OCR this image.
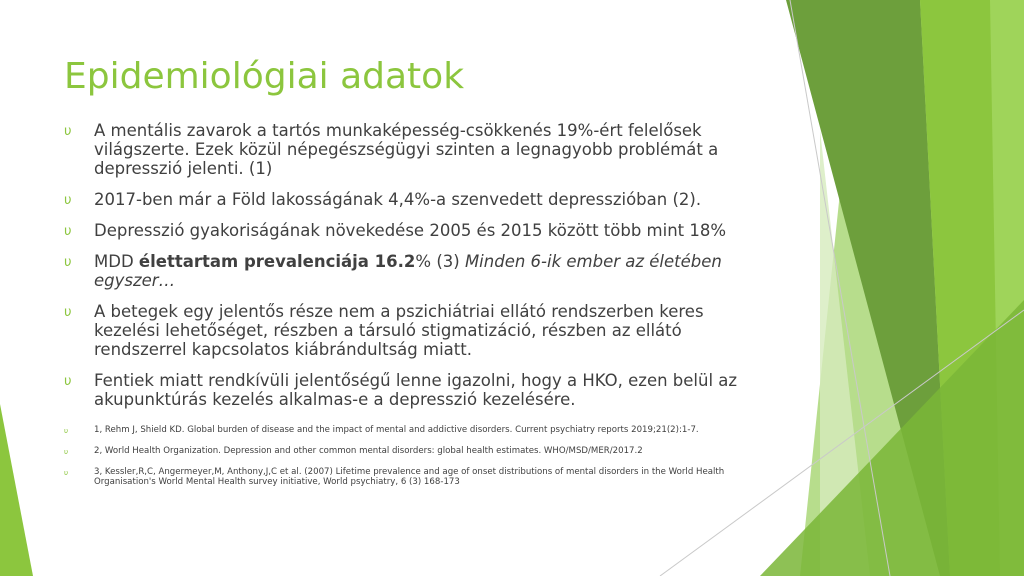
Epidemiológiai adatok
υ A mentális zavarok a tartós munkaképesség-csökkenés 19%-ért felelősek világszerte. Ezek közül népegészségügyi szinten a legnagyobb problémát a depresszió jelenti. (1)
υ 2017-ben már a Föld lakosságának 4,4%-a szenvedett depresszióban (2).
υ Depresszió gyakoriságának növekedése 2005 és 2015 között több mint 18%
υ MDD élettartam prevalenciája 16.2% (3) Minden 6-ik ember az életében egyszer…
υ A betegek egy jelentős része nem a pszichiátriai ellátó rendszerben keres kezelési lehetőséget, részben a társuló stigmatizáció, részben az ellátó rendszerrel kapcsolatos kiábrándultság miatt.
υ Fentiek miatt rendkívüli jelentőségű lenne igazolni, hogy a HKO, ezen belül az akupunktúrás kezelés alkalmas-e a depresszió kezelésére.
υ	1, Rehm J, Shield KD. Global burden of disease and the impact of mental and addictive disorders. Current psychiatry reports 2019;21(2):1-7.
υ	2, World Health Organization. Depression and other common mental disorders: global health estimates. WHO/MSD/MER/2017.2
υ	3, Kessler,R,C, Angermeyer,M, Anthony,J,C et al. (2007) Lifetime prevalence and age of onset distributions of mental disorders in the World Health Organisation's World Mental Health survey initiative, World psychiatry, 6 (3) 168-173
